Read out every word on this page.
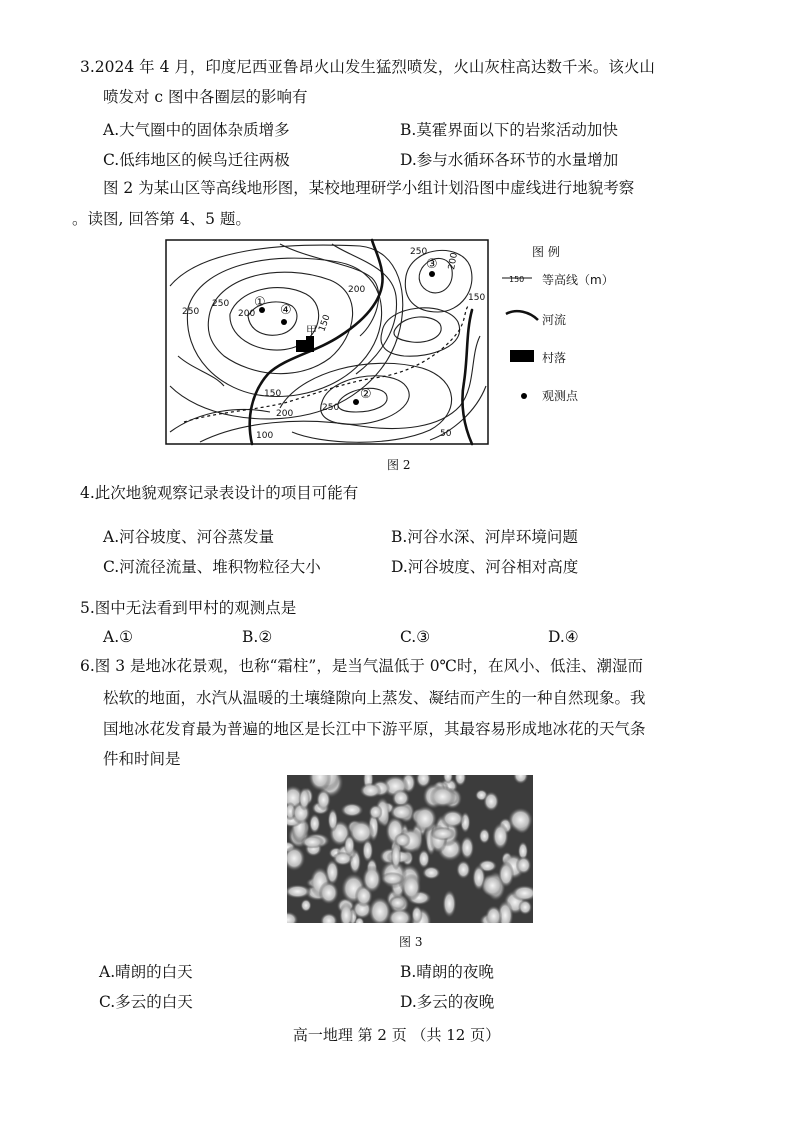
3.2024 年 4 月，印度尼西亚鲁昂火山发生猛烈喷发，火山灰柱高达数千米。该火山
喷发对 c 图中各圈层的影响有
A.大气圈中的固体杂质增多	B.莫霍界面以下的岩浆活动加快
C.低纬地区的候鸟迁往两极	D.参与水循环各环节的水量增加
图 2 为某山区等高线地形图，某校地理研学小组计划沿图中虚线进行地貌考察
。读图, 回答第 4、5 题。
甲
①
④
③
②
250
200
250
200
150
200
250
150
150
200
250
100	50
图 例
150 等高线（m）
河流
村落
观测点
图 2
4.此次地貌观察记录表设计的项目可能有
A.河谷坡度、河谷蒸发量	B.河谷水深、河岸环境问题
C.河流径流量、堆积物粒径大小	D.河谷坡度、河谷相对高度
5.图中无法看到甲村的观测点是
A.①	B.②	C.③	D.④
6.图 3 是地冰花景观，也称“霜柱”，是当气温低于 0℃时，在风小、低洼、潮湿而
松软的地面，水汽从温暖的土壤缝隙向上蒸发、凝结而产生的一种自然现象。我
国地冰花发育最为普遍的地区是长江中下游平原，其最容易形成地冰花的天气条
件和时间是
图 3
A.晴朗的白天	B.晴朗的夜晚
C.多云的白天	D.多云的夜晚
高一地理 第 2 页 （共 12 页）
